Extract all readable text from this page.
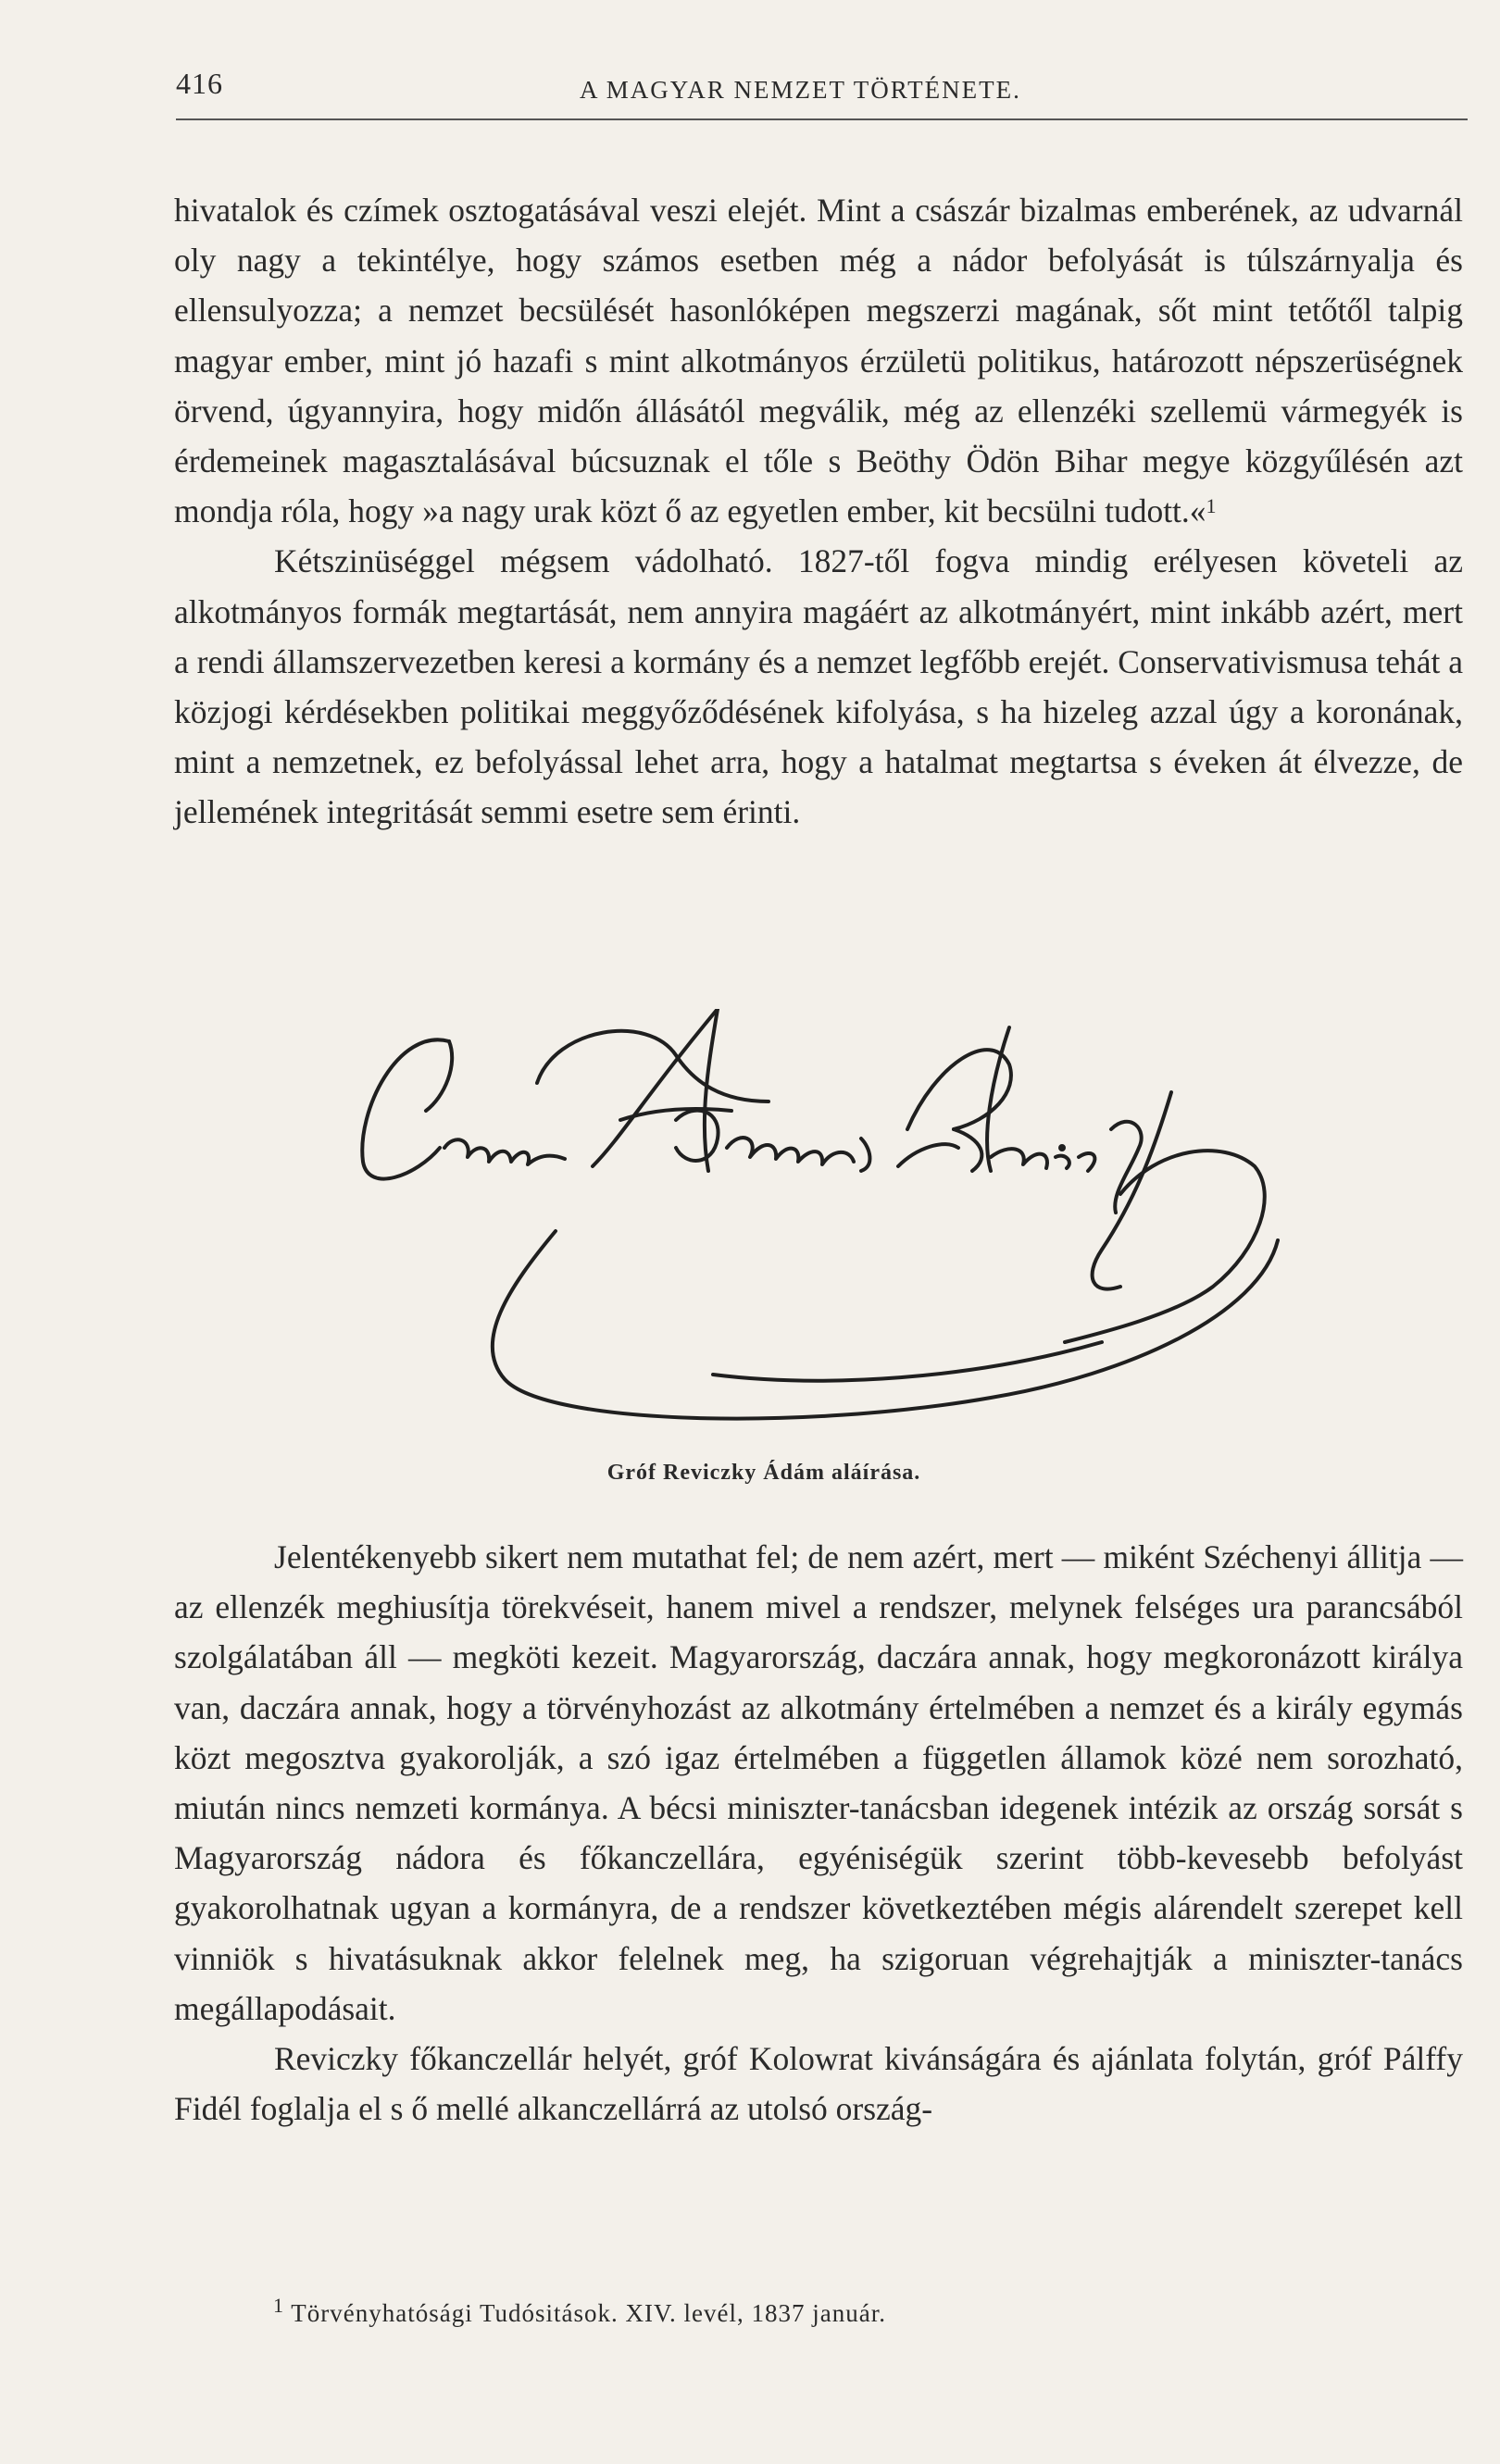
416	A MAGYAR NEMZET TÖRTÉNETE.

hivatalok és czímek osztogatásával veszi elejét. Mint a császár bizalmas emberének, az udvarnál oly nagy a tekintélye, hogy számos esetben még a nádor befolyását is túlszárnyalja és ellensulyozza; a nemzet becsülését hasonlóképen megszerzi magának, sőt mint tetőtől talpig magyar ember, mint jó hazafi s mint alkotmányos érzületü politikus, határozott népszerüségnek örvend, úgyannyira, hogy midőn állásától megválik, még az ellenzéki szellemü vármegyék is érdemeinek magasztalásával búcsuznak el tőle s Beöthy Ödön Bihar megye közgyűlésén azt mondja róla, hogy »a nagy urak közt ő az egyetlen ember, kit becsülni tudott.«$^1$

Kétszinüséggel mégsem vádolható. 1827-től fogva mindig erélyesen követeli az alkotmányos formák megtartását, nem annyira magáért az alkotmányért, mint inkább azért, mert a rendi államszervezetben keresi a kormány és a nemzet legfőbb erejét. Conservativismusa tehát a közjogi kérdésekben politikai meggyőződésének kifolyása, s ha hizeleg azzal úgy a koronának, mint a nemzetnek, ez befolyással lehet arra, hogy a hatalmat megtartsa s éveken át élvezze, de jellemének integritását semmi esetre sem érinti.

Gróf Reviczky Ádám aláírása.

Jelentékenyebb sikert nem mutathat fel; de nem azért, mert — miként Széchenyi állitja — az ellenzék meghiusítja törekvéseit, hanem mivel a rendszer, melynek felséges ura parancsából szolgálatában áll — megköti kezeit. Magyarország, daczára annak, hogy megkoronázott királya van, daczára annak, hogy a törvényhozást az alkotmány értelmében a nemzet és a király egymás közt megosztva gyakorolják, a szó igaz értelmében a független államok közé nem sorozható, miután nincs nemzeti kormánya. A bécsi miniszter-tanácsban idegenek intézik az ország sorsát s Magyarország nádora és főkanczellára, egyéniségük szerint több-kevesebb befolyást gyakorolhatnak ugyan a kormányra, de a rendszer következtében mégis alárendelt szerepet kell vinniök s hivatásuknak akkor felelnek meg, ha szigoruan végrehajtják a miniszter-tanács megállapodásait.

Reviczky főkanczellár helyét, gróf Kolowrat kivánságára és ajánlata folytán, gróf Pálffy Fidél foglalja el s ő mellé alkanczellárrá az utolsó ország-

$^1$ Törvényhatósági Tudósitások. XIV. levél, 1837 január.
